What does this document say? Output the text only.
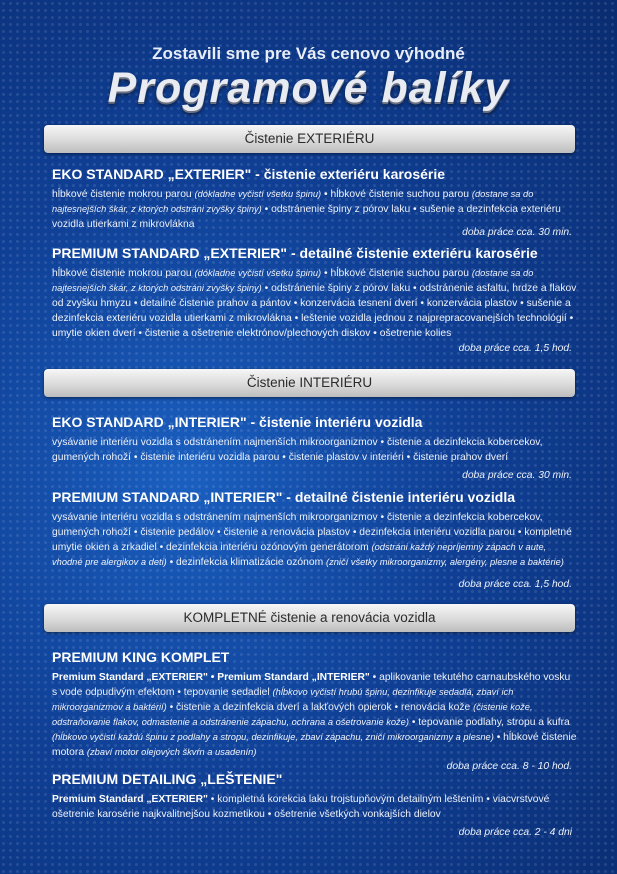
Zostavili sme pre Vás cenovo výhodné
Programové balíky
Čistenie EXTERIÉRU
EKO STANDARD „EXTERIER" - čistenie exteriéru karosérie
hĺbkové čistenie mokrou parou (dókladne vyčistí všetku špinu) • hĺbkové čistenie suchou parou (dostane sa do najtesnejších škár, z ktorých odstráni zvyšky špiny) • odstránenie špiny z pórov laku • sušenie a dezinfekcia exteriéru vozidla utierkami z mikrovlákna
doba práce cca. 30 min.
PREMIUM STANDARD „EXTERIER" - detailné čistenie exteriéru karosérie
hĺbkové čistenie mokrou parou (dókladne vyčistí všetku špinu) • hĺbkové čistenie suchou parou (dostane sa do najtesnejších škár, z ktorých odstráni zvyšky špiny) • odstránenie špiny z pórov laku • odstránenie asfaltu, hrdze a flakov od zvyšku hmyzu • detailné čistenie prahov a pántov • konzervácia tesnení dverí • konzervácia plastov • sušenie a dezinfekcia exteriéru vozidla utierkami z mikrovlákna • leštenie vozidla jednou z najprepracovanejších technológií • umytie okien dverí • čistenie a ošetrenie elektrónov/plechových diskov • ošetrenie kolies
doba práce cca. 1,5 hod.
Čistenie INTERIÉRU
EKO STANDARD „INTERIER" - čistenie interiéru vozidla
vysávanie interiéru vozidla s odstránením najmenších mikroorganizmov • čistenie a dezinfekcia kobercekov, gumených rohoží • čistenie interiéru vozidla parou • čistenie plastov v interiéri • čistenie prahov dverí
doba práce cca. 30 min.
PREMIUM STANDARD „INTERIER" - detailné čistenie interiéru vozidla
vysávanie interiéru vozidla s odstránením najmenších mikroorganizmov • čistenie a dezinfekcia kobercekov, gumených rohoží • čistenie pedálov • čistenie a renovácia plastov • dezinfekcia interiéru vozidla parou • kompletné umytie okien a zrkadiel • dezinfekcia interiéru ozónovým generátorom (odstráni každý nepríjemný zápach v aute, vhodné pre alergikov a deti) • dezinfekcia klimatizácie ozónom (zničí všetky mikroorganizmy, alergény, plesne a baktérie)
doba práce cca. 1,5 hod.
KOMPLETNÉ čistenie a renovácia vozidla
PREMIUM KING KOMPLET
Premium Standard „EXTERIER" • Premium Standard „INTERIER" • aplikovanie tekutého carnaubského vosku s vode odpudivým efektom • tepovanie sedadiel (hĺbkovo vyčistí hrubú špinu, dezinfikuje sedadlá, zbaví ich mikroorganizmov a baktérií) • čistenie a dezinfekcia dverí a lakťových opierok • renovácia kože (čistenie kože, odstraňovanie flakov, odmastenie a odstránenie zápachu, ochrana a ošetrovanie kože) • tepovanie podlahy, stropu a kufra (hĺbkovo vyčistí každú špinu z podlahy a stropu, dezinfikuje, zbaví zápachu, zničí mikroorganizmy a plesne) • hĺbkové čistenie motora (zbaví motor olejových škvŕn a usadenín)
doba práce cca. 8 - 10 hod.
PREMIUM DETAILING „LEŠTENIE"
Premium Standard „EXTERIER" • kompletná korekcia laku trojstupňovým detailným leštením • viacvrstvové ošetrenie karosérie najkvalitnejšou kozmetikou • ošetrenie všetkých vonkajších dielov
doba práce cca. 2 - 4 dni
